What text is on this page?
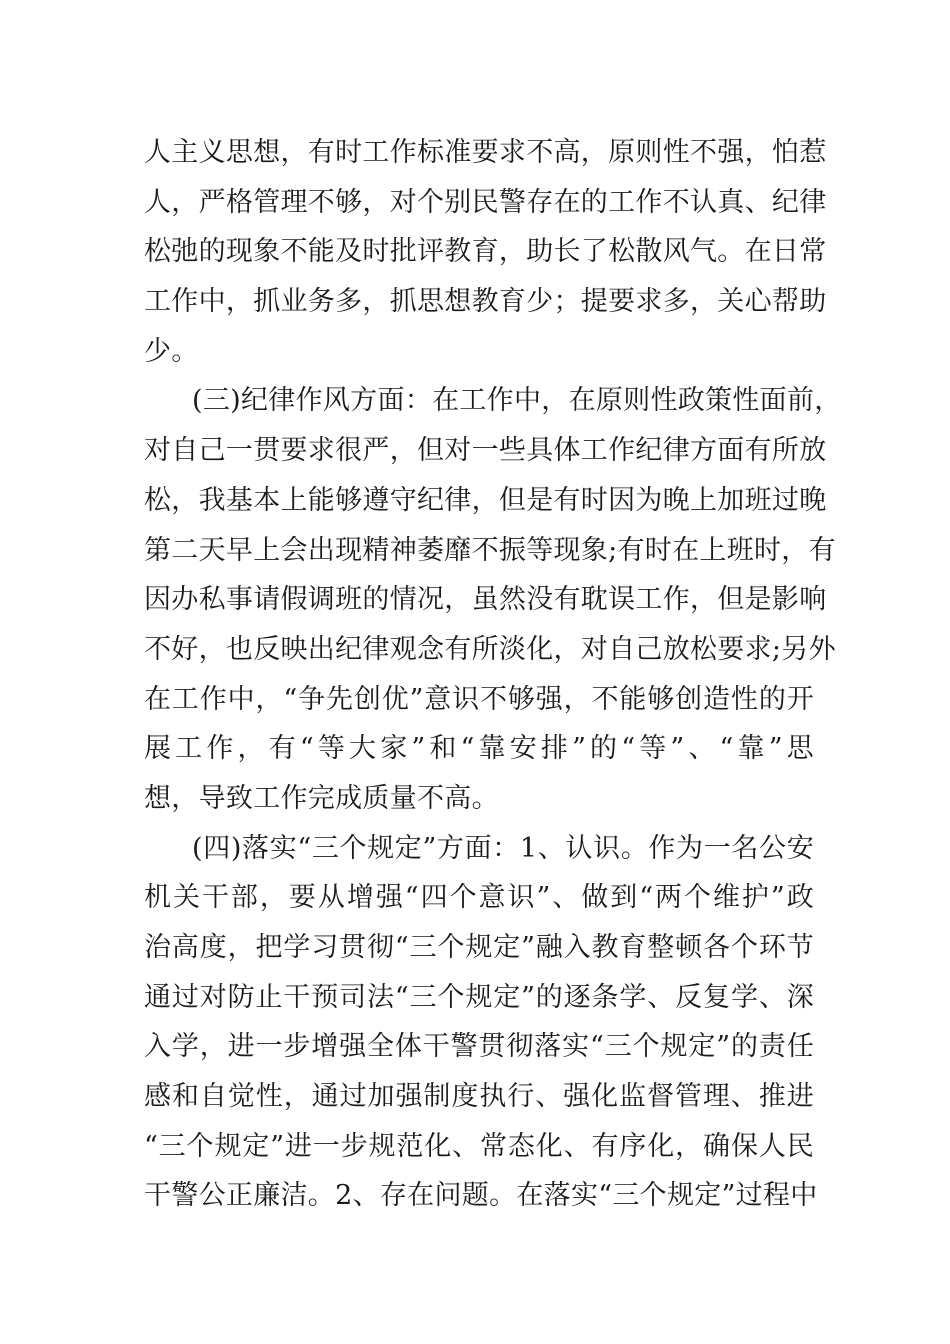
人主义思想，有时工作标准要求不高，原则性不强，怕惹
人，严格管理不够，对个别民警存在的工作不认真、纪律
松弛的现象不能及时批评教育，助长了松散风气。在日常
工作中，抓业务多，抓思想教育少；提要求多，关心帮助
少。
(三)纪律作风方面：在工作中，在原则性政策性面前，
对自己一贯要求很严，但对一些具体工作纪律方面有所放
松，我基本上能够遵守纪律，但是有时因为晚上加班过晚
第二天早上会出现精神萎靡不振等现象;有时在上班时，有
因办私事请假调班的情况，虽然没有耽误工作，但是影响
不好，也反映出纪律观念有所淡化，对自己放松要求;另外
在工作中，“争先创优”意识不够强，不能够创造性的开
展工作，有“等大家”和“靠安排”的“等”、“靠”思
想，导致工作完成质量不高。
(四)落实“三个规定”方面：1、认识。作为一名公安
机关干部，要从增强“四个意识”、做到“两个维护”政
治高度，把学习贯彻“三个规定”融入教育整顿各个环节
通过对防止干预司法“三个规定”的逐条学、反复学、深
入学，进一步增强全体干警贯彻落实“三个规定”的责任
感和自觉性，通过加强制度执行、强化监督管理、推进
“三个规定”进一步规范化、常态化、有序化，确保人民
干警公正廉洁。2、存在问题。在落实“三个规定”过程中
